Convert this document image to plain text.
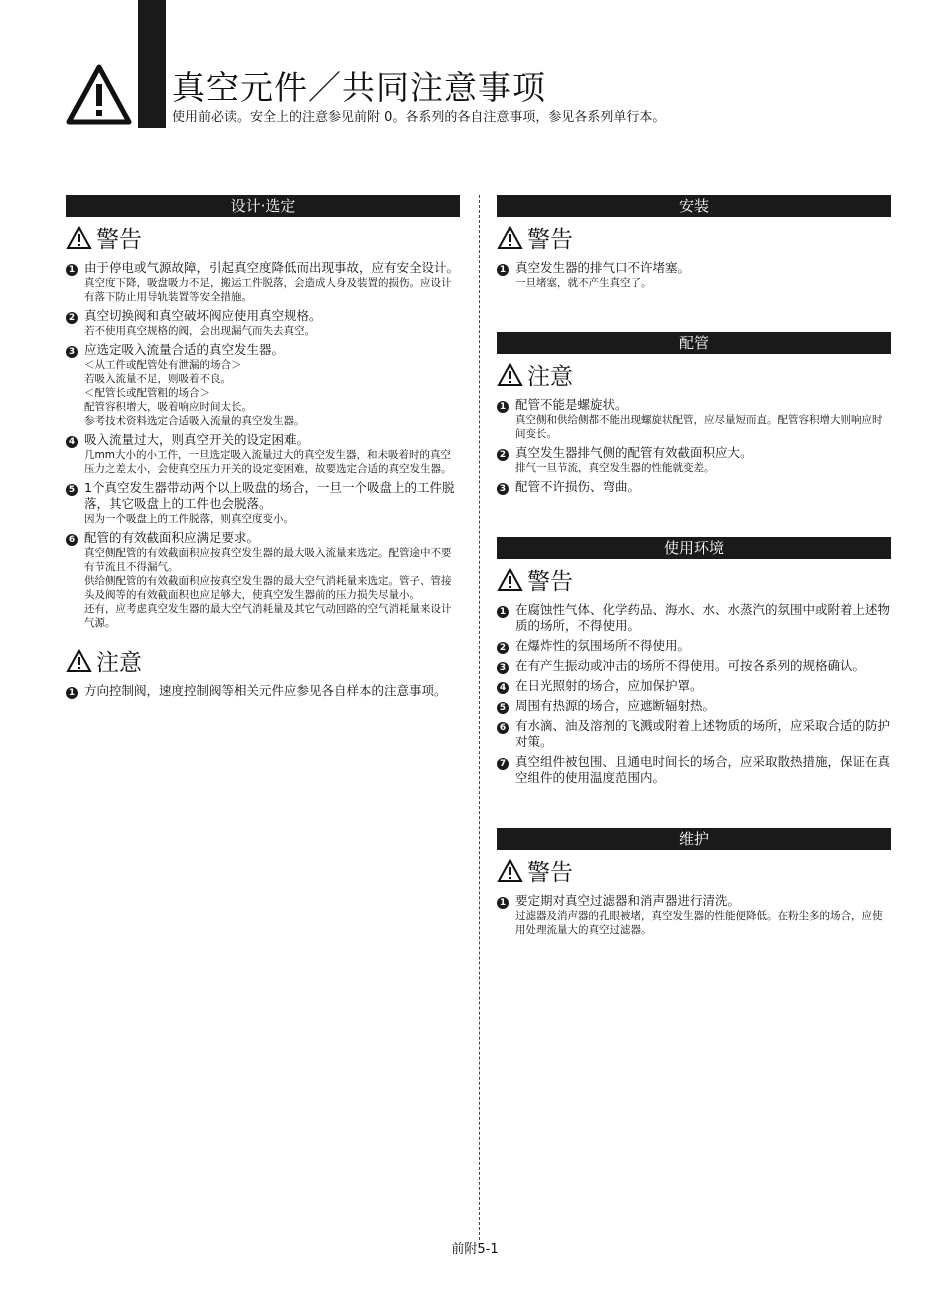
真空元件／共同注意事项
使用前必读。安全上的注意参见前附 0。各系列的各自注意事项，参见各系列单行本。
设计·选定
警告
1 由于停电或气源故障，引起真空度降低而出现事故，应有安全设计。
真空度下降，吸盘吸力不足，搬运工件脱落，会造成人身及装置的损伤。应设计有落下防止用导轨装置等安全措施。
2 真空切换阀和真空破坏阀应使用真空规格。
若不使用真空规格的阀，会出现漏气而失去真空。
3 应选定吸入流量合适的真空发生器。
＜从工件或配管处有泄漏的场合＞
若吸入流量不足，则吸着不良。
＜配管长或配管粗的场合＞
配管容积增大，吸着响应时间太长。
参考技术资料选定合适吸入流量的真空发生器。
4 吸入流量过大，则真空开关的设定困难。
几mm大小的小工件，一旦选定吸入流量过大的真空发生器，和未吸着时的真空压力之差太小，会使真空压力开关的设定变困难，故要选定合适的真空发生器。
5 1个真空发生器带动两个以上吸盘的场合，一旦一个吸盘上的工件脱落，其它吸盘上的工件也会脱落。
因为一个吸盘上的工件脱落，则真空度变小。
6 配管的有效截面积应满足要求。
真空侧配管的有效截面积应按真空发生器的最大吸入流量来选定。配管途中不要有节流且不得漏气。
供给侧配管的有效截面积应按真空发生器的最大空气消耗量来选定。管子、管接头及阀等的有效截面积也应足够大，使真空发生器前的压力损失尽量小。
还有，应考虑真空发生器的最大空气消耗量及其它气动回路的空气消耗量来设计气源。
注意
1 方向控制阀，速度控制阀等相关元件应参见各自样本的注意事项。
安装
警告
1 真空发生器的排气口不许堵塞。
一旦堵塞，就不产生真空了。
配管
注意
1 配管不能是螺旋状。
真空侧和供给侧都不能出现螺旋状配管，应尽量短而直。配管容积增大则响应时间变长。
2 真空发生器排气侧的配管有效截面积应大。
排气一旦节流，真空发生器的性能就变差。
3 配管不许损伤、弯曲。
使用环境
警告
1 在腐蚀性气体、化学药品、海水、水、水蒸汽的氛围中或附着上述物质的场所，不得使用。
2 在爆炸性的氛围场所不得使用。
3 在有产生振动或冲击的场所不得使用。可按各系列的规格确认。
4 在日光照射的场合，应加保护罩。
5 周围有热源的场合，应遮断辐射热。
6 有水滴、油及溶剂的飞溅或附着上述物质的场所，应采取合适的防护对策。
7 真空组件被包围、且通电时间长的场合，应采取散热措施，保证在真空组件的使用温度范围内。
维护
警告
1 要定期对真空过滤器和消声器进行清洗。
过滤器及消声器的孔眼被堵，真空发生器的性能便降低。在粉尘多的场合，应使用处理流量大的真空过滤器。
前附5-1
